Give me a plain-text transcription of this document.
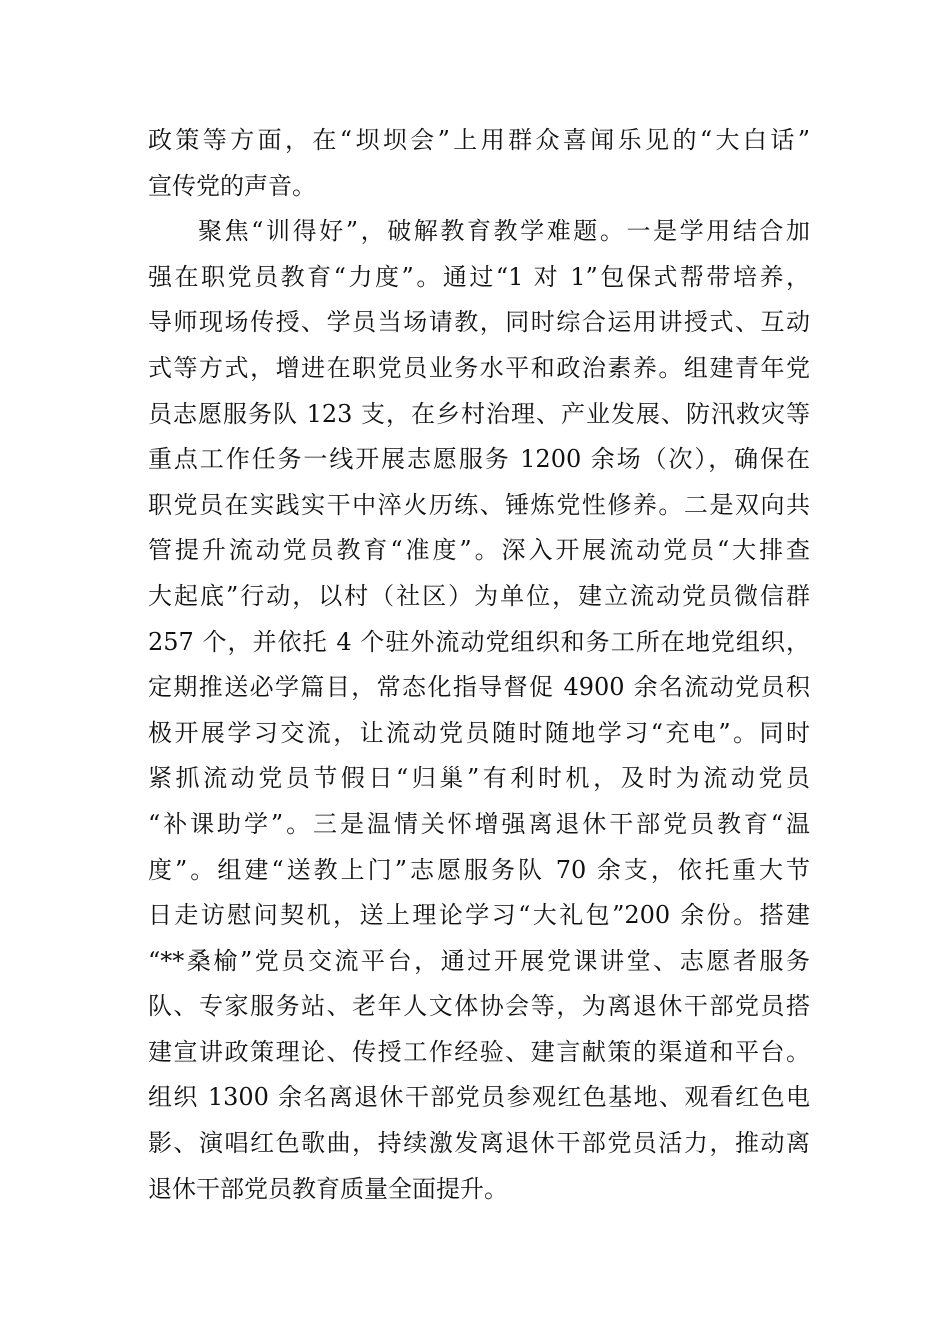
政策等方面，在“坝坝会”上用群众喜闻乐见的“大白话”
宣传党的声音。
聚焦“训得好”，破解教育教学难题。一是学用结合加
强在职党员教育“力度”。通过“1 对 1”包保式帮带培养，
导师现场传授、学员当场请教，同时综合运用讲授式、互动
式等方式，增进在职党员业务水平和政治素养。组建青年党
员志愿服务队 123 支，在乡村治理、产业发展、防汛救灾等
重点工作任务一线开展志愿服务 1200 余场（次），确保在
职党员在实践实干中淬火历练、锤炼党性修养。二是双向共
管提升流动党员教育“准度”。深入开展流动党员“大排查
大起底”行动，以村（社区）为单位，建立流动党员微信群
257 个，并依托 4 个驻外流动党组织和务工所在地党组织，
定期推送必学篇目，常态化指导督促 4900 余名流动党员积
极开展学习交流，让流动党员随时随地学习“充电”。同时
紧抓流动党员节假日“归巢”有利时机，及时为流动党员
“补课助学”。三是温情关怀增强离退休干部党员教育“温
度”。组建“送教上门”志愿服务队 70 余支，依托重大节
日走访慰问契机，送上理论学习“大礼包”200 余份。搭建
“**桑榆”党员交流平台，通过开展党课讲堂、志愿者服务
队、专家服务站、老年人文体协会等，为离退休干部党员搭
建宣讲政策理论、传授工作经验、建言献策的渠道和平台。
组织 1300 余名离退休干部党员参观红色基地、观看红色电
影、演唱红色歌曲，持续激发离退休干部党员活力，推动离
退休干部党员教育质量全面提升。
